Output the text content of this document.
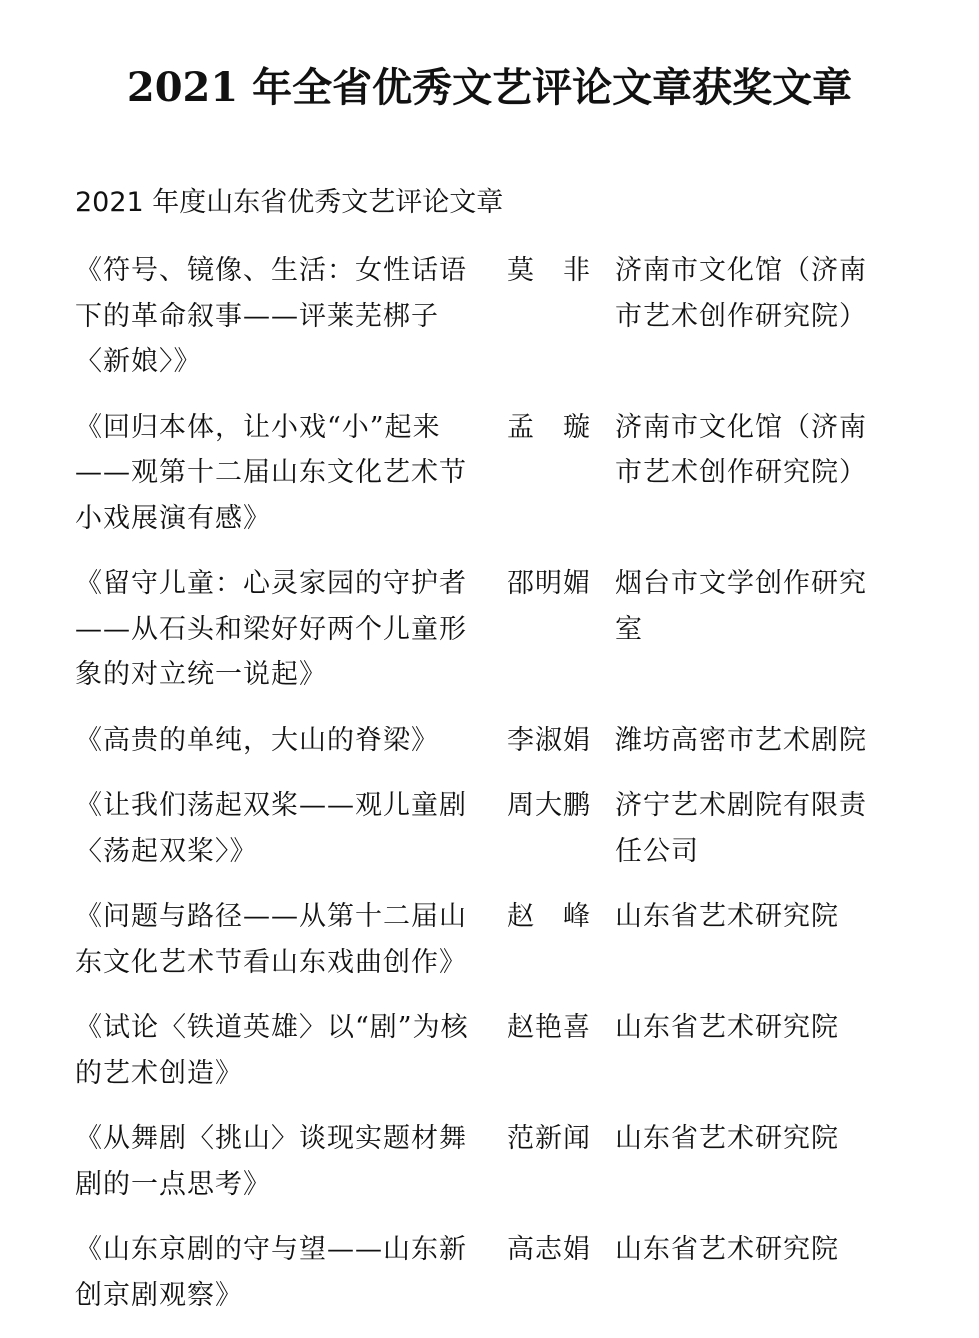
2021 年全省优秀文艺评论文章获奖文章
2021 年度山东省优秀文艺评论文章
《符号、镜像、生活：女性话语下的革命叙事——评莱芜梆子〈新娘〉》
莫　非 济南市文化馆（济南市艺术创作研究院）
《回归本体，让小戏“小”起来——观第十二届山东文化艺术节小戏展演有感》
孟　璇 济南市文化馆（济南市艺术创作研究院）
《留守儿童：心灵家园的守护者——从石头和梁好好两个儿童形象的对立统一说起》
邵明媚 烟台市文学创作研究室
《高贵的单纯，大山的脊梁》	李淑娟 潍坊高密市艺术剧院
《让我们荡起双桨——观儿童剧〈荡起双桨〉》
周大鹏 济宁艺术剧院有限责任公司
《问题与路径——从第十二届山东文化艺术节看山东戏曲创作》
赵　峰 山东省艺术研究院
《试论〈铁道英雄〉以“剧”为核的艺术创造》
赵艳喜 山东省艺术研究院
《从舞剧〈挑山〉谈现实题材舞剧的一点思考》
范新闻 山东省艺术研究院
《山东京剧的守与望——山东新创京剧观察》
高志娟 山东省艺术研究院
